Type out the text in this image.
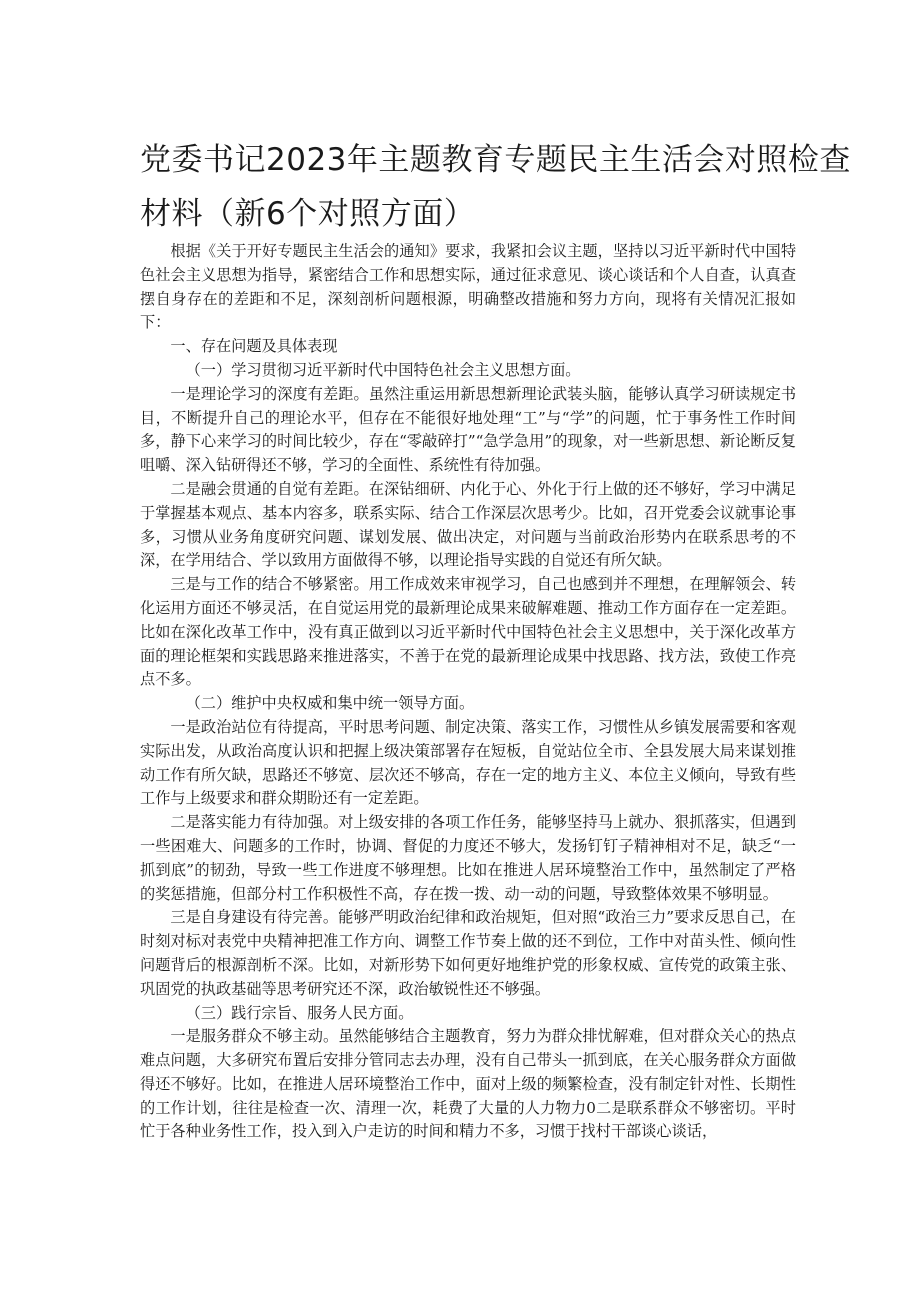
党委书记2023年主题教育专题民主生活会对照检查
材料（新6个对照方面）

根据《关于开好专题民主生活会的通知》要求，我紧扣会议主题，坚持以习近平新时代中国特色社会主义思想为指导，紧密结合工作和思想实际，通过征求意见、谈心谈话和个人自查，认真查摆自身存在的差距和不足，深刻剖析问题根源，明确整改措施和努力方向，现将有关情况汇报如下：

一、存在问题及具体表现

（一）学习贯彻习近平新时代中国特色社会主义思想方面。

一是理论学习的深度有差距。虽然注重运用新思想新理论武装头脑，能够认真学习研读规定书目，不断提升自己的理论水平，但存在不能很好地处理“工”与“学”的问题，忙于事务性工作时间多，静下心来学习的时间比较少，存在“零敲碎打”“急学急用”的现象，对一些新思想、新论断反复咀嚼、深入钻研得还不够，学习的全面性、系统性有待加强。

二是融会贯通的自觉有差距。在深钻细研、内化于心、外化于行上做的还不够好，学习中满足于掌握基本观点、基本内容多，联系实际、结合工作深层次思考少。比如，召开党委会议就事论事多，习惯从业务角度研究问题、谋划发展、做出决定，对问题与当前政治形势内在联系思考的不深，在学用结合、学以致用方面做得不够，以理论指导实践的自觉还有所欠缺。

三是与工作的结合不够紧密。用工作成效来审视学习，自己也感到并不理想，在理解领会、转化运用方面还不够灵活，在自觉运用党的最新理论成果来破解难题、推动工作方面存在一定差距。比如在深化改革工作中，没有真正做到以习近平新时代中国特色社会主义思想中，关于深化改革方面的理论框架和实践思路来推进落实，不善于在党的最新理论成果中找思路、找方法，致使工作亮点不多。

（二）维护中央权威和集中统一领导方面。

一是政治站位有待提高，平时思考问题、制定决策、落实工作，习惯性从乡镇发展需要和客观实际出发，从政治高度认识和把握上级决策部署存在短板，自觉站位全市、全县发展大局来谋划推动工作有所欠缺，思路还不够宽、层次还不够高，存在一定的地方主义、本位主义倾向，导致有些工作与上级要求和群众期盼还有一定差距。

二是落实能力有待加强。对上级安排的各项工作任务，能够坚持马上就办、狠抓落实，但遇到一些困难大、问题多的工作时，协调、督促的力度还不够大，发扬钉钉子精神相对不足，缺乏“一抓到底”的韧劲，导致一些工作进度不够理想。比如在推进人居环境整治工作中，虽然制定了严格的奖惩措施，但部分村工作积极性不高，存在拨一拨、动一动的问题，导致整体效果不够明显。

三是自身建设有待完善。能够严明政治纪律和政治规矩，但对照“政治三力”要求反思自己，在时刻对标对表党中央精神把准工作方向、调整工作节奏上做的还不到位，工作中对苗头性、倾向性问题背后的根源剖析不深。比如，对新形势下如何更好地维护党的形象权威、宣传党的政策主张、巩固党的执政基础等思考研究还不深，政治敏锐性还不够强。

（三）践行宗旨、服务人民方面。

一是服务群众不够主动。虽然能够结合主题教育，努力为群众排忧解难，但对群众关心的热点难点问题，大多研究布置后安排分管同志去办理，没有自己带头一抓到底，在关心服务群众方面做得还不够好。比如，在推进人居环境整治工作中，面对上级的频繁检查，没有制定针对性、长期性的工作计划，往往是检查一次、清理一次，耗费了大量的人力物力0二是联系群众不够密切。平时忙于各种业务性工作，投入到入户走访的时间和精力不多，习惯于找村干部谈心谈话，
